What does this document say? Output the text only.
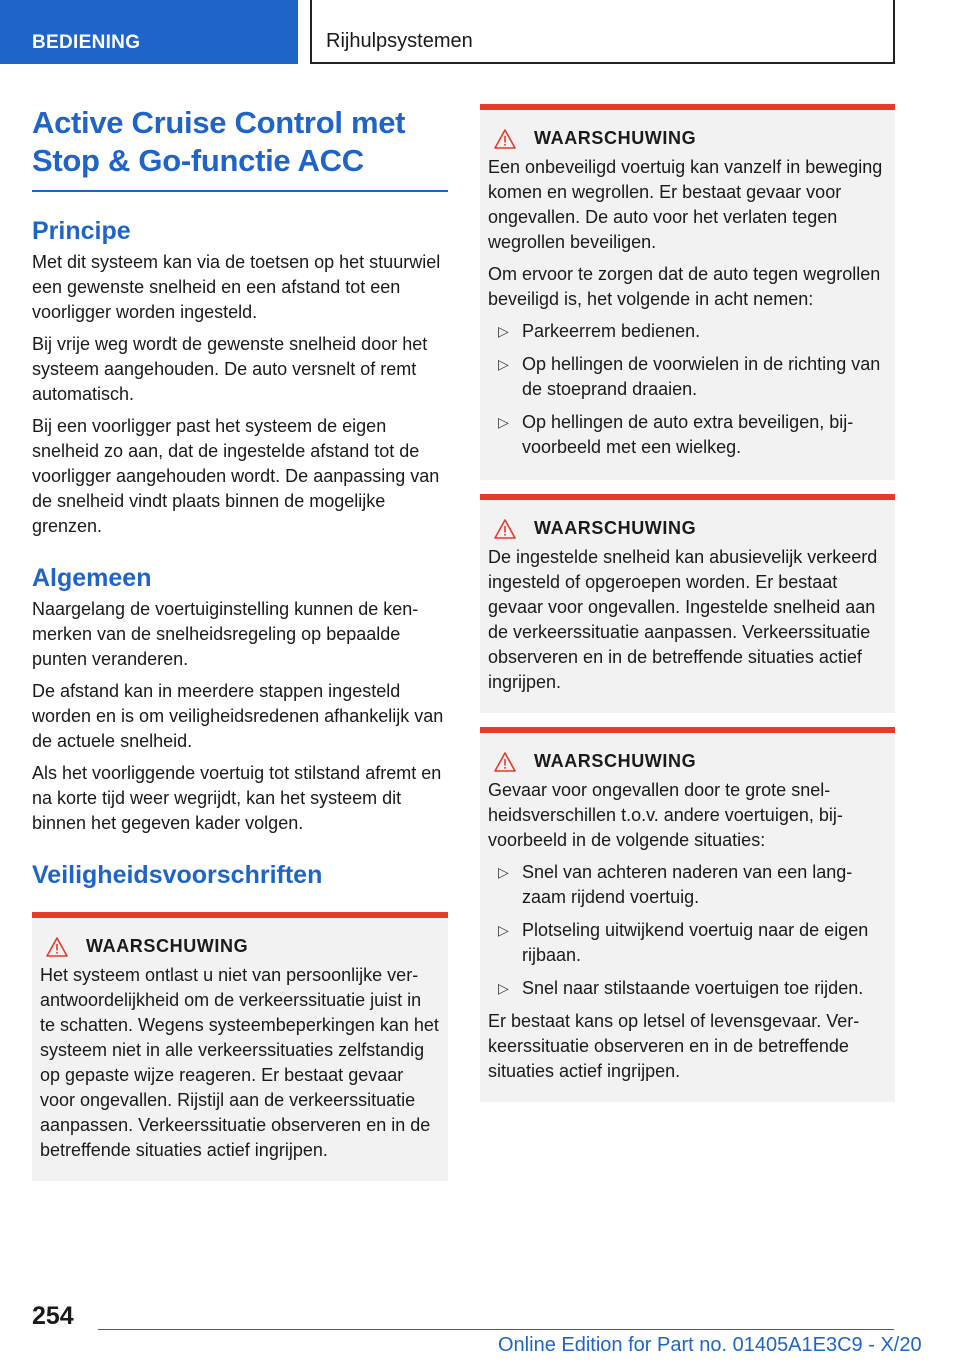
BEDIENING	Rijhulpsystemen
Active Cruise Control met Stop & Go-functie ACC
Principe

Met dit systeem kan via de toetsen op het stuurwiel een gewenste snelheid en een afstand tot een voorligger worden ingesteld.

Bij vrije weg wordt de gewenste snelheid door het systeem aangehouden. De auto versnelt of remt automatisch.

Bij een voorligger past het systeem de eigen snelheid zo aan, dat de ingestelde afstand tot de voorligger aangehouden wordt. De aanpassing van de snelheid vindt plaats binnen de mogelijke grenzen.

Algemeen

Naargelang de voertuiginstelling kunnen de kenmerken van de snelheidsregeling op bepaalde punten veranderen.

De afstand kan in meerdere stappen ingesteld worden en is om veiligheidsredenen afhankelijk van de actuele snelheid.

Als het voorliggende voertuig tot stilstand afremt en na korte tijd weer wegrijdt, kan het systeem dit binnen het gegeven kader volgen.

Veiligheidsvoorschriften
WAARSCHUWING

Het systeem ontlast u niet van persoonlijke verantwoordelijkheid om de verkeerssituatie juist in te schatten. Wegens systeembeperkingen kan het systeem niet in alle verkeerssituaties zelfstandig op gepaste wijze reageren. Er bestaat gevaar voor ongevallen. Rijstijl aan de verkeerssituatie aanpassen. Verkeerssituatie observeren en in de betreffende situaties actief ingrijpen.

WAARSCHUWING

Een onbeveiligd voertuig kan vanzelf in beweging komen en wegrollen. Er bestaat gevaar voor ongevallen. De auto voor het verlaten tegen wegrollen beveiligen.

Om ervoor te zorgen dat de auto tegen wegrollen beveiligd is, het volgende in acht nemen:

▷ Parkeerrem bedienen.
▷ Op hellingen de voorwielen in de richting van de stoeprand draaien.
▷ Op hellingen de auto extra beveiligen, bijvoorbeeld met een wielkeg.
WAARSCHUWING

De ingestelde snelheid kan abusievelijk verkeerd ingesteld of opgeroepen worden. Er bestaat gevaar voor ongevallen. Ingestelde snelheid aan de verkeerssituatie aanpassen. Verkeerssituatie observeren en in de betreffende situaties actief ingrijpen.

WAARSCHUWING

Gevaar voor ongevallen door te grote snelheidsverschillen t.o.v. andere voertuigen, bijvoorbeeld in de volgende situaties:

▷ Snel van achteren naderen van een langzaam rijdend voertuig.
▷ Plotseling uitwijkend voertuig naar de eigen rijbaan.
▷ Snel naar stilstaande voertuigen toe rijden.

Er bestaat kans op letsel of levensgevaar. Verkeerssituatie observeren en in de betreffende situaties actief ingrijpen.

254
Online Edition for Part no. 01405A1E3C9 - X/20
